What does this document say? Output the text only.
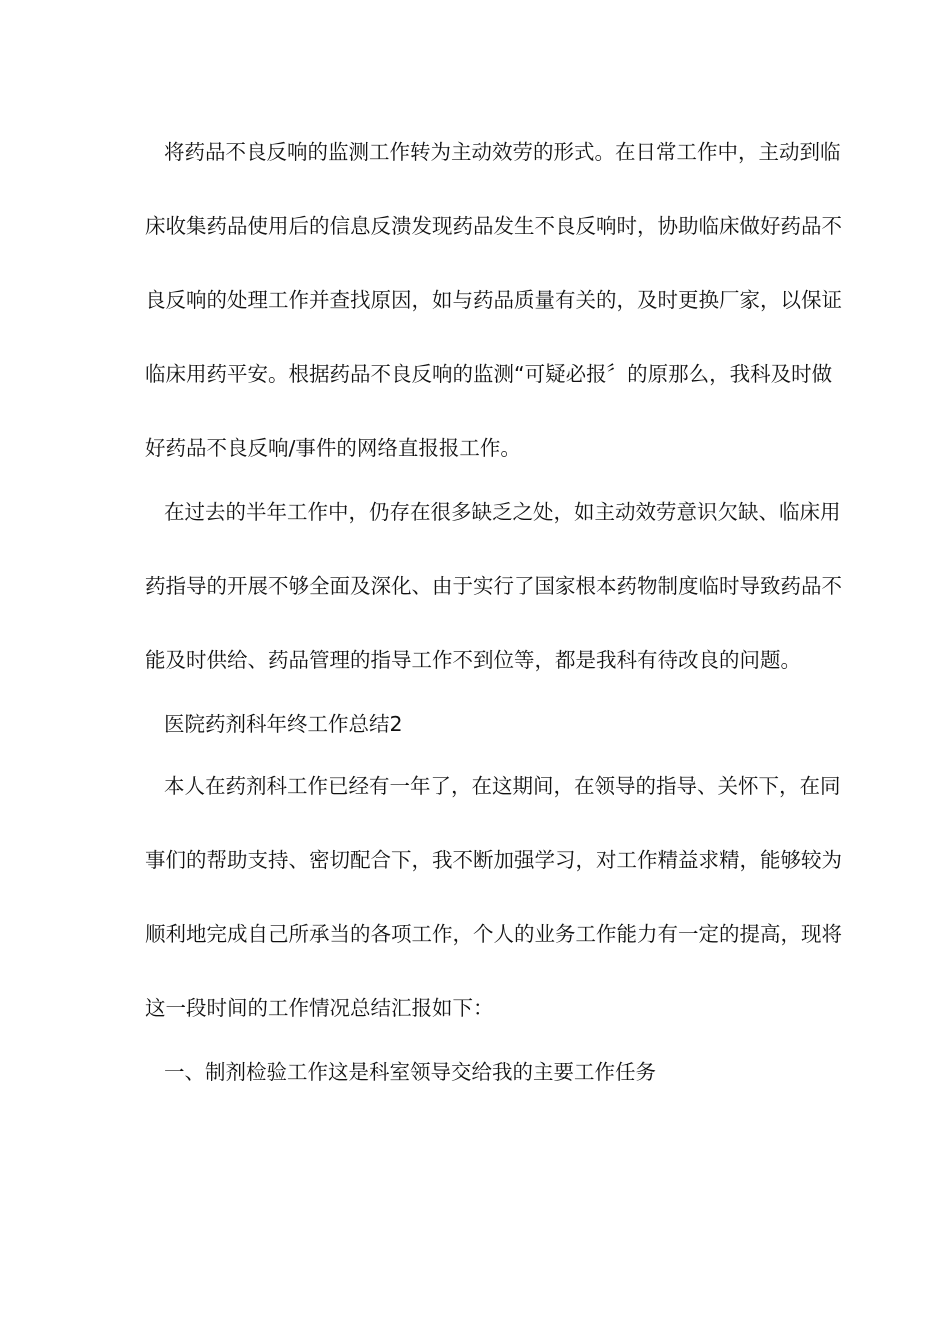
将药品不良反响的监测工作转为主动效劳的形式。在日常工作中，主动到临
床收集药品使用后的信息反溃发现药品发生不良反响时，协助临床做好药品不
良反响的处理工作并查找原因，如与药品质量有关的，及时更换厂家，以保证
临床用药平安。根据药品不良反响的监测“可疑必报〞的原那么，我科及时做
好药品不良反响/事件的网络直报报工作。
在过去的半年工作中，仍存在很多缺乏之处，如主动效劳意识欠缺、临床用
药指导的开展不够全面及深化、由于实行了国家根本药物制度临时导致药品不
能及时供给、药品管理的指导工作不到位等，都是我科有待改良的问题。
医院药剂科年终工作总结2
本人在药剂科工作已经有一年了，在这期间，在领导的指导、关怀下，在同
事们的帮助支持、密切配合下，我不断加强学习，对工作精益求精，能够较为
顺利地完成自己所承当的各项工作，个人的业务工作能力有一定的提高，现将
这一段时间的工作情况总结汇报如下：
一、制剂检验工作这是科室领导交给我的主要工作任务
